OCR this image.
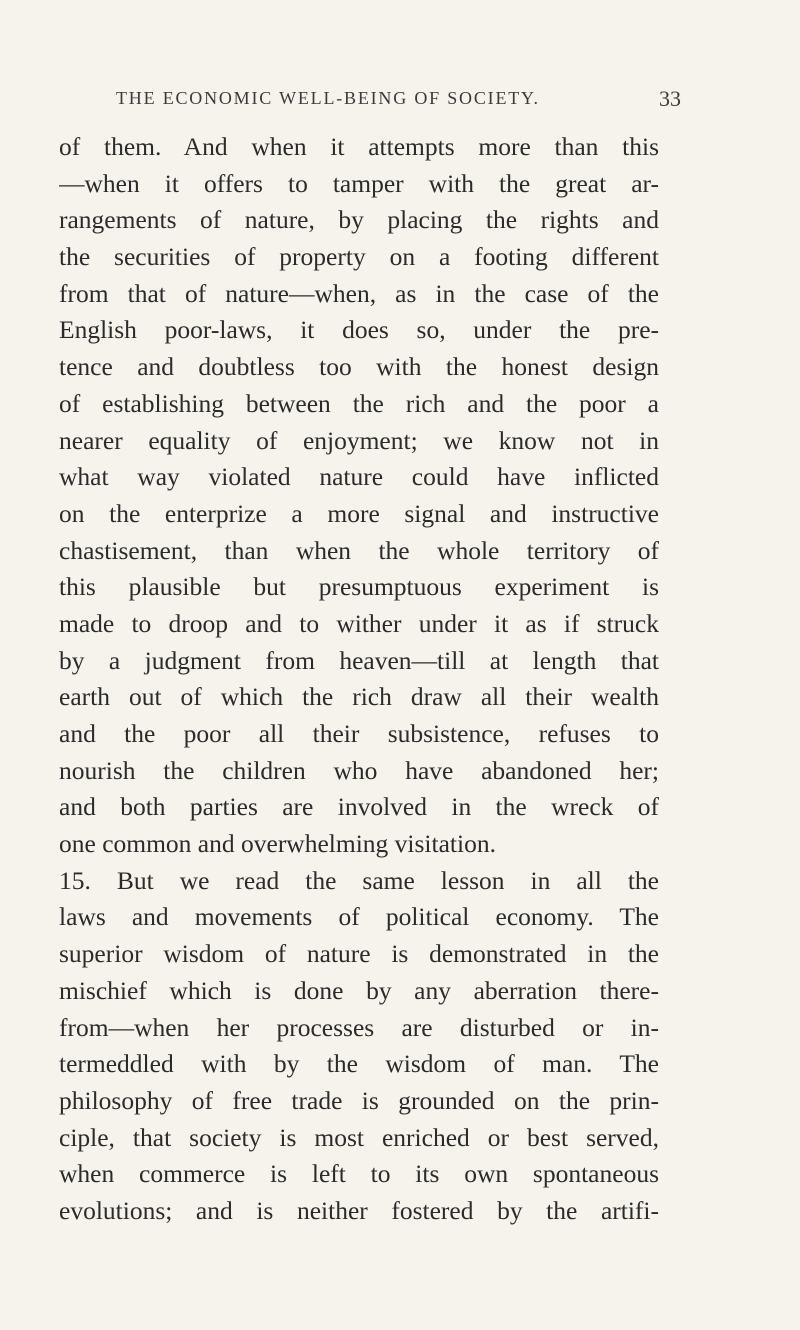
THE ECONOMIC WELL-BEING OF SOCIETY.	33
of them. And when it attempts more than this
—when it offers to tamper with the great ar-
rangements of nature, by placing the rights and
the securities of property on a footing different
from that of nature—when, as in the case of the
English poor-laws, it does so, under the pre-
tence and doubtless too with the honest design
of establishing between the rich and the poor a
nearer equality of enjoyment; we know not in
what way violated nature could have inflicted
on the enterprize a more signal and instructive
chastisement, than when the whole territory of
this plausible but presumptuous experiment is
made to droop and to wither under it as if struck
by a judgment from heaven—till at length that
earth out of which the rich draw all their wealth
and the poor all their subsistence, refuses to
nourish the children who have abandoned her;
and both parties are involved in the wreck of
one common and overwhelming visitation.
15. But we read the same lesson in all the
laws and movements of political economy. The
superior wisdom of nature is demonstrated in the
mischief which is done by any aberration there-
from—when her processes are disturbed or in-
termeddled with by the wisdom of man. The
philosophy of free trade is grounded on the prin-
ciple, that society is most enriched or best served,
when commerce is left to its own spontaneous
evolutions; and is neither fostered by the artifi-
